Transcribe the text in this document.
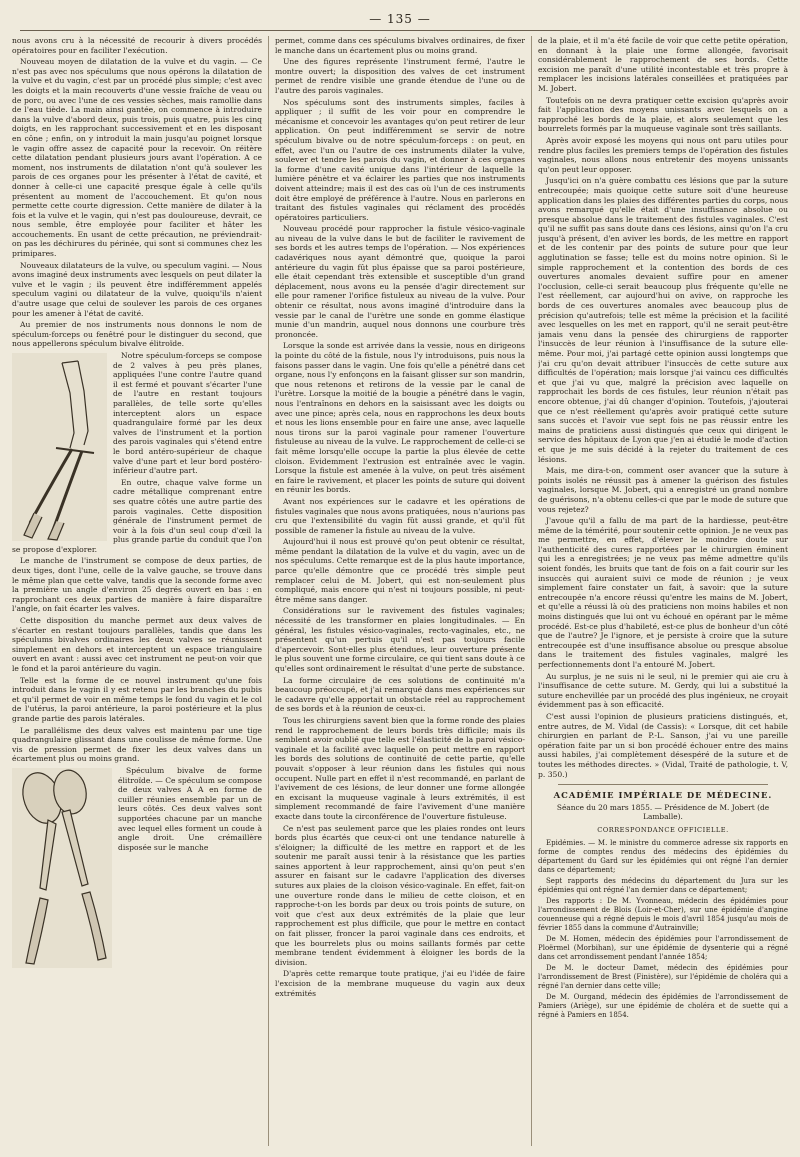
— 135 —

nous avons cru à la nécessité de recourir à divers procédés opératoires pour en faciliter l'exécution.

Nouveau moyen de dilatation de la vulve et du vagin. — Ce n'est pas avec nos spéculums que nous opérons la dilatation de la vulve et du vagin, c'est par un procédé plus simple; c'est avec les doigts et la main recouverts d'une vessie fraîche de veau ou de porc, ou avec l'une de ces vessies sèches, mais ramollie dans de l'eau tiède. La main ainsi gantée, on commence à introduire dans la vulve d'abord deux, puis trois, puis quatre, puis les cinq doigts, en les rapprochant successivement et en les disposant en cône ; enfin, on y introduit la main jusqu'au poignet lorsque le vagin offre assez de capacité pour la recevoir. On réitère cette dilatation pendant plusieurs jours avant l'opération. A ce moment, nos instruments de dilatation n'ont qu'à soulever les parois de ces organes pour les présenter à l'état de cavité, et donner à celle-ci une capacité presque égale à celle qu'ils présentent au moment de l'accouchement. Et qu'on nous permette cette courte digression. Cette manière de dilater à la fois et la vulve et le vagin, qui n'est pas douloureuse, devrait, ce nous semble, être employée pour faciliter et hâter les accouchements. En usant de cette précaution, ne préviendrait-on pas les déchirures du périnée, qui sont si communes chez les primipares.

Nouveaux dilatateurs de la vulve, ou speculum vagini. — Nous avons imaginé deux instruments avec lesquels on peut dilater la vulve et le vagin ; ils peuvent être indifféremment appelés speculum vagini ou dilatateur de la vulve, quoiqu'ils n'aient d'autre usage que celui de soulever les parois de ces organes pour les amener à l'état de cavité.

Au premier de nos instruments nous donnons le nom de spéculum-forceps ou fenêtré pour le distinguer du second, que nous appellerons spéculum bivalve élitroïde.

Notre spéculum-forceps se compose de 2 valves à peu près planes, appliquées l'une contre l'autre quand il est fermé et pouvant s'écarter l'une de l'autre en restant toujours parallèles, de telle sorte qu'elles interceptent alors un espace quadrangulaire formé par les deux valves de l'instrument et la portion des parois vaginales qui s'étend entre le bord antéro-supérieur de chaque valve d'une part et leur bord postéro-inférieur d'autre part.

En outre, chaque valve forme un cadre métallique comprenant entre ses quatre côtés une autre partie des parois vaginales. Cette disposition générale de l'instrument permet de voir à la fois d'un seul coup d'œil la plus grande partie du conduit que l'on se propose d'explorer.

Le manche de l'instrument se compose de deux parties, de deux tiges, dont l'une, celle de la valve gauche, se trouve dans le même plan que cette valve, tandis que la seconde forme avec la première un angle d'environ 25 degrés ouvert en bas : en rapprochant ces deux parties de manière à faire disparaître l'angle, on fait écarter les valves.

Cette disposition du manche permet aux deux valves de s'écarter en restant toujours parallèles, tandis que dans les spéculums bivalves ordinaires les deux valves se réunissent simplement en dehors et interceptent un espace triangulaire ouvert en avant : aussi avec cet instrument ne peut-on voir que le fond et la paroi antérieure du vagin.

Telle est la forme de ce nouvel instrument qu'une fois introduit dans le vagin il y est retenu par les branches du pubis et qu'il permet de voir en même temps le fond du vagin et le col de l'utérus, la paroi antérieure, la paroi postérieure et la plus grande partie des parois latérales.

Le parallélisme des deux valves est maintenu par une tige quadrangulaire glissant dans une coulisse de même forme. Une vis de pression permet de fixer les deux valves dans un écartement plus ou moins grand.

Spéculum bivalve de forme élitroïde. — Ce spéculum se compose de deux valves A A en forme de cuiller réunies ensemble par un de leurs côtés. Ces deux valves sont supportées chacune par un manche avec lequel elles forment un coude à angle droit. Une crémaillère disposée sur le manche

permet, comme dans ces spéculums bivalves ordinaires, de fixer le manche dans un écartement plus ou moins grand.

Une des figures représente l'instrument fermé, l'autre le montre ouvert; la disposition des valves de cet instrument permet de rendre visible une grande étendue de l'une ou de l'autre des parois vaginales.

Nos spéculums sont des instruments simples, faciles à appliquer ; il suffit de les voir pour en comprendre le mécanisme et concevoir les avantages qu'on peut retirer de leur application. On peut indifféremment se servir de notre spéculum bivalve ou de notre spéculum-forceps : on peut, en effet, avec l'un ou l'autre de ces instruments dilater la vulve, soulever et tendre les parois du vagin, et donner à ces organes la forme d'une cavité unique dans l'intérieur de laquelle la lumière pénètre et va éclairer les parties que nos instruments doivent atteindre; mais il est des cas où l'un de ces instruments doit être employé de préférence à l'autre. Nous en parlerons en traitant des fistules vaginales qui réclament des procédés opératoires particuliers.

Nouveau procédé pour rapprocher la fistule vésico-vaginale au niveau de la vulve dans le but de faciliter le ravivement de ses bords et les autres temps de l'opération. — Nos expériences cadavériques nous ayant démontré que, quoique la paroi antérieure du vagin fût plus épaisse que sa paroi postérieure, elle était cependant très extensible et susceptible d'un grand déplacement, nous avons eu la pensée d'agir directement sur elle pour ramener l'orifice fistuleux au niveau de la vulve. Pour obtenir ce résultat, nous avons imaginé d'introduire dans la vessie par le canal de l'urètre une sonde en gomme élastique munie d'un mandrin, auquel nous donnons une courbure très prononcée.

Lorsque la sonde est arrivée dans la vessie, nous en dirigeons la pointe du côté de la fistule, nous l'y introduisons, puis nous la faisons passer dans le vagin. Une fois qu'elle a pénétré dans cet organe, nous l'y enfonçons en la faisant glisser sur son mandrin, que nous retenons et retirons de la vessie par le canal de l'urètre. Lorsque la moitié de la bougie a pénétré dans le vagin, nous l'entraînons en dehors en la saisissant avec les doigts ou avec une pince; après cela, nous en rapprochons les deux bouts et nous les lions ensemble pour en faire une anse, avec laquelle nous tirons sur la paroi vaginale pour ramener l'ouverture fistuleuse au niveau de la vulve. Le rapprochement de celle-ci se fait même lorsqu'elle occupe la partie la plus élevée de cette cloison. Evidemment l'extrusion est entraînée avec le vagin. Lorsque la fistule est amenée à la vulve, on peut très aisément en faire le ravivement, et placer les points de suture qui doivent en réunir les bords.

Avant nos expériences sur le cadavre et les opérations de fistules vaginales que nous avons pratiquées, nous n'aurions pas cru que l'extensibilité du vagin fût aussi grande, et qu'il fût possible de ramener la fistule au niveau de la vulve.

Aujourd'hui il nous est prouvé qu'on peut obtenir ce résultat, même pendant la dilatation de la vulve et du vagin, avec un de nos spéculums. Cette remarque est de la plus haute importance, parce qu'elle démontre que ce procédé très simple peut remplacer celui de M. Jobert, qui est non-seulement plus compliqué, mais encore qui n'est ni toujours possible, ni peut-être même sans danger.

Considérations sur le ravivement des fistules vaginales; nécessité de les transformer en plaies longitudinales. — En général, les fistules vésico-vaginales, recto-vaginales, etc., ne présentent qu'un pertuis qu'il n'est pas toujours facile d'apercevoir. Sont-elles plus étendues, leur ouverture présente le plus souvent une forme circulaire, ce qui tient sans doute à ce qu'elles sont ordinairement le résultat d'une perte de substance.

La forme circulaire de ces solutions de continuité m'a beaucoup préoccupé, et j'ai remarqué dans mes expériences sur le cadavre qu'elle apportait un obstacle réel au rapprochement de ses bords et à la réunion de ceux-ci.

Tous les chirurgiens savent bien que la forme ronde des plaies rend le rapprochement de leurs bords très difficile; mais ils semblent avoir oublié que telle est l'élasticité de la paroi vésico-vaginale et la facilité avec laquelle on peut mettre en rapport les bords des solutions de continuité de cette partie, qu'elle pouvait s'opposer à leur réunion dans les fistules qui nous occupent. Nulle part en effet il n'est recommandé, en parlant de l'avivement de ces lésions, de leur donner une forme allongée en excisant la muqueuse vaginale à leurs extrémités, il est simplement recommandé de faire l'avivement d'une manière exacte dans toute la circonférence de l'ouverture fistuleuse.

Ce n'est pas seulement parce que les plaies rondes ont leurs bords plus écartés que ceux-ci ont une tendance naturelle à s'éloigner; la difficulté de les mettre en rapport et de les soutenir me paraît aussi tenir à la résistance que les parties saines apportent à leur rapprochement, ainsi qu'on peut s'en assurer en faisant sur le cadavre l'application des diverses sutures aux plaies de la cloison vésico-vaginale. En effet, fait-on une ouverture ronde dans le milieu de cette cloison, et en rapproche-t-on les bords par deux ou trois points de suture, on voit que c'est aux deux extrémités de la plaie que leur rapprochement est plus difficile, que pour le mettre en contact on fait plisser, froncer la paroi vaginale dans ces endroits, et que les bourrelets plus ou moins saillants formés par cette membrane tendent évidemment à éloigner les bords de la division.

D'après cette remarque toute pratique, j'ai eu l'idée de faire l'excision de la membrane muqueuse du vagin aux deux extrémités

de la plaie, et il m'a été facile de voir que cette petite opération, en donnant à la plaie une forme allongée, favorisait considérablement le rapprochement de ses bords. Cette excision me paraît d'une utilité incontestable et très propre à remplacer les incisions latérales conseillées et pratiquées par M. Jobert.

Toutefois on ne devra pratiquer cette excision qu'après avoir fait l'application des moyens unissants avec lesquels on a rapproché les bords de la plaie, et alors seulement que les bourrelets formés par la muqueuse vaginale sont très saillants.

Après avoir exposé les moyens qui nous ont paru utiles pour rendre plus faciles les premiers temps de l'opération des fistules vaginales, nous allons nous entretenir des moyens unissants qu'on peut leur opposer.

Jusqu'ici on n'a guère combattu ces lésions que par la suture entrecoupée; mais quoique cette suture soit d'une heureuse application dans les plaies des différentes parties du corps, nous avons remarqué qu'elle était d'une insuffisance absolue ou presque absolue dans le traitement des fistules vaginales. C'est qu'il ne suffit pas sans doute dans ces lésions, ainsi qu'on l'a cru jusqu'à présent, d'en aviver les bords, de les mettre en rapport et de les contenir par des points de suture pour que leur agglutination se fasse; telle est du moins notre opinion. Si le simple rapprochement et la contention des bords de ces ouvertures anomales devaient suffire pour en amener l'occlusion, celle-ci serait beaucoup plus fréquente qu'elle ne l'est réellement, car aujourd'hui on avive, on rapproche les bords de ces ouvertures anomales avec beaucoup plus de précision qu'autrefois; telle est même la précision et la facilité avec lesquelles on les met en rapport, qu'il ne serait peut-être jamais venu dans la pensée des chirurgiens de rapporter l'insuccès de leur réunion à l'insuffisance de la suture elle-même. Pour moi, j'ai partagé cette opinion aussi longtemps que j'ai cru qu'on devait attribuer l'insuccès de cette suture aux difficultés de l'opération; mais lorsque j'ai vaincu ces difficultés et que j'ai vu que, malgré la précision avec laquelle on rapprochait les bords de ces fistules, leur réunion n'était pas encore obtenue, j'ai dû changer d'opinion. Toutefois, j'ajouterai que ce n'est réellement qu'après avoir pratiqué cette suture sans succès et l'avoir vue sept fois ne pas réussir entre les mains de praticiens aussi distingués que ceux qui dirigent le service des hôpitaux de Lyon que j'en ai étudié le mode d'action et que je me suis décidé à la rejeter du traitement de ces lésions.

Mais, me dira-t-on, comment oser avancer que la suture à points isolés ne réussit pas à amener la guérison des fistules vaginales, lorsque M. Jobert, qui a enregistré un grand nombre de guérisons, n'a obtenu celles-ci que par le mode de suture que vous rejetez?

J'avoue qu'il a fallu de ma part de la hardiesse, peut-être même de la témérité, pour soutenir cette opinion. Je ne veux pas me permettre, en effet, d'élever le moindre doute sur l'authenticité des cures rapportées par le chirurgien éminent qui les a enregistrées; je ne veux pas même admettre qu'ils soient fondés, les bruits que tant de fois on a fait courir sur les insuccès qui auraient suivi ce mode de réunion ; je veux simplement faire constater un fait, à savoir: que la suture entrecoupée n'a encore réussi qu'entre les mains de M. Jobert, et qu'elle a réussi là où des praticiens non moins habiles et non moins distingués que lui ont vu échoué en opérant par le même procédé. Est-ce plus d'habileté, est-ce plus de bonheur d'un côté que de l'autre? Je l'ignore, et je persiste à croire que la suture entrecoupée est d'une insuffisance absolue ou presque absolue dans le traitement des fistules vaginales, malgré les perfectionnements dont l'a entouré M. Jobert.

Au surplus, je ne suis ni le seul, ni le premier qui aie cru à l'insuffisance de cette suture. M. Gerdy, qui lui a substitué la suture enchevillée par un procédé des plus ingénieux, ne croyait évidemment pas à son efficacité.

C'est aussi l'opinion de plusieurs praticiens distingués, et, entre autres, de M. Vidal (de Cassis): « Lorsque, dit cet habile chirurgien en parlant de P.-L. Sanson, j'ai vu une pareille opération faite par un si bon procédé échouer entre des mains aussi habiles, j'ai complètement désespéré de la suture et de toutes les méthodes directes. » (Vidal, Traité de pathologie, t. V, p. 350.)

ACADÉMIE IMPÉRIALE DE MÉDECINE.
Séance du 20 mars 1855. — Présidence de M. Jobert (de Lamballe).
CORRESPONDANCE OFFICIELLE.

Epidémies. — M. le ministre du commerce adresse six rapports en forme de comptes rendus des médecins des épidémies du département du Gard sur les épidémies qui ont régné l'an dernier dans ce département;

Sept rapports des médecins du département du Jura sur les épidémies qui ont régné l'an dernier dans ce département;

Des rapports : De M. Yvonneau, médecin des épidémies pour l'arrondissement de Blois (Loir-et-Cher), sur une épidémie d'angine couenneuse qui a régné depuis le mois d'avril 1854 jusqu'au mois de février 1855 dans la commune d'Autrainville;

De M. Homen, médecin des épidémies pour l'arrondissement de Ploërmel (Morbihan), sur une épidémie de dysenterie qui a régné dans cet arrondissement pendant l'année 1854;

De M. le docteur Damet, médecin des épidémies pour l'arrondissement de Brest (Finistère), sur l'épidémie de choléra qui a régné l'an dernier dans cette ville;

De M. Ourgand, médecin des épidémies de l'arrondissement de Pamiers (Ariège), sur une épidémie de choléra et de suette qui a régné à Pamiers en 1854.
